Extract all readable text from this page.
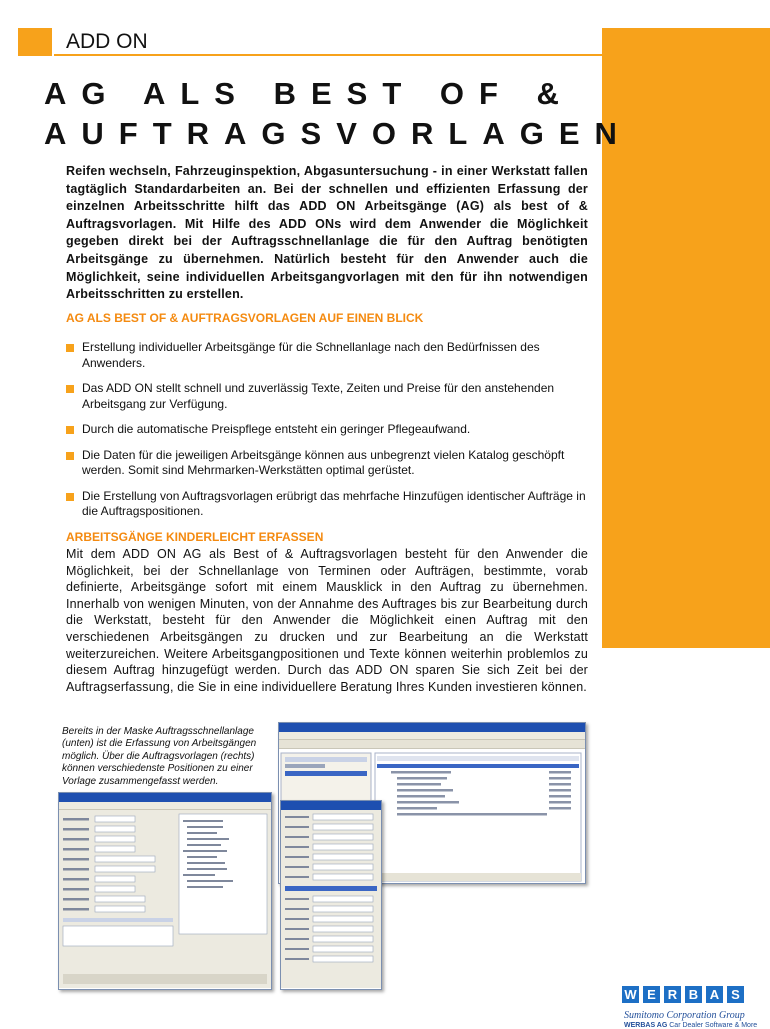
ADD ON
AG ALS BEST OF &
AUFTRAGSVORLAGEN
Reifen wechseln, Fahrzeuginspektion, Abgasuntersuchung - in einer Werkstatt fallen tagtäglich Standardarbeiten an. Bei der schnellen und effizienten Erfassung der einzelnen Arbeitsschritte hilft das ADD ON Arbeitsgänge (AG) als best of & Auftragsvorlagen. Mit Hilfe des ADD ONs wird dem Anwender die Möglichkeit gegeben direkt bei der Auftragsschnellanlage die für den Auftrag benötigten Arbeitsgänge zu übernehmen. Natürlich besteht für den Anwender auch die Möglichkeit, seine individuellen Arbeitsgangvorlagen mit den für ihn notwendigen Arbeitsschritten zu erstellen.
AG ALS BEST OF & AUFTRAGSVORLAGEN AUF EINEN BLICK
Erstellung individueller Arbeitsgänge für die Schnellanlage nach den Bedürfnissen des Anwenders.
Das ADD ON stellt schnell und zuverlässig Texte, Zeiten und Preise für den anstehenden Arbeitsgang zur Verfügung.
Durch die automatische Preispflege entsteht ein geringer Pflegeaufwand.
Die Daten für die jeweiligen Arbeitsgänge können aus unbegrenzt vielen Katalog geschöpft werden. Somit sind Mehrmarken-Werkstätten optimal gerüstet.
Die Erstellung von Auftragsvorlagen erübrigt das mehrfache Hinzufügen identischer Aufträge in die Auftragspositionen.
ARBEITSGÄNGE KINDERLEICHT ERFASSEN
Mit dem ADD ON AG als Best of & Auftragsvorlagen besteht für den Anwender die Möglichkeit, bei der Schnellanlage von Terminen oder Aufträgen, bestimmte, vorab definierte, Arbeitsgänge sofort mit einem Mausklick in den Auftrag zu übernehmen. Innerhalb von wenigen Minuten, von der Annahme des Auftrages bis zur Bearbeitung durch die Werkstatt, besteht für den Anwender die Möglichkeit einen Auftrag mit den verschiedenen Arbeitsgängen zu drucken und zur Bearbeitung an die Werkstatt weiterzureichen. Weitere Arbeitsgangpositionen und Texte können weiterhin problemlos zu diesem Auftrag hinzugefügt werden. Durch das ADD ON sparen Sie sich Zeit bei der Auftragserfassung, die Sie in eine individuellere Beratung Ihres Kunden investieren können.
Bereits in der Maske Auftragsschnellanlage (unten) ist die Erfassung von Arbeitsgängen möglich. Über die Auftragsvorlagen (rechts) können verschiedenste Positionen zu einer Vorlage zusammengefasst werden.
W E R B A S
Sumitomo Corporation Group
WERBAS AG Car Dealer Software & More
